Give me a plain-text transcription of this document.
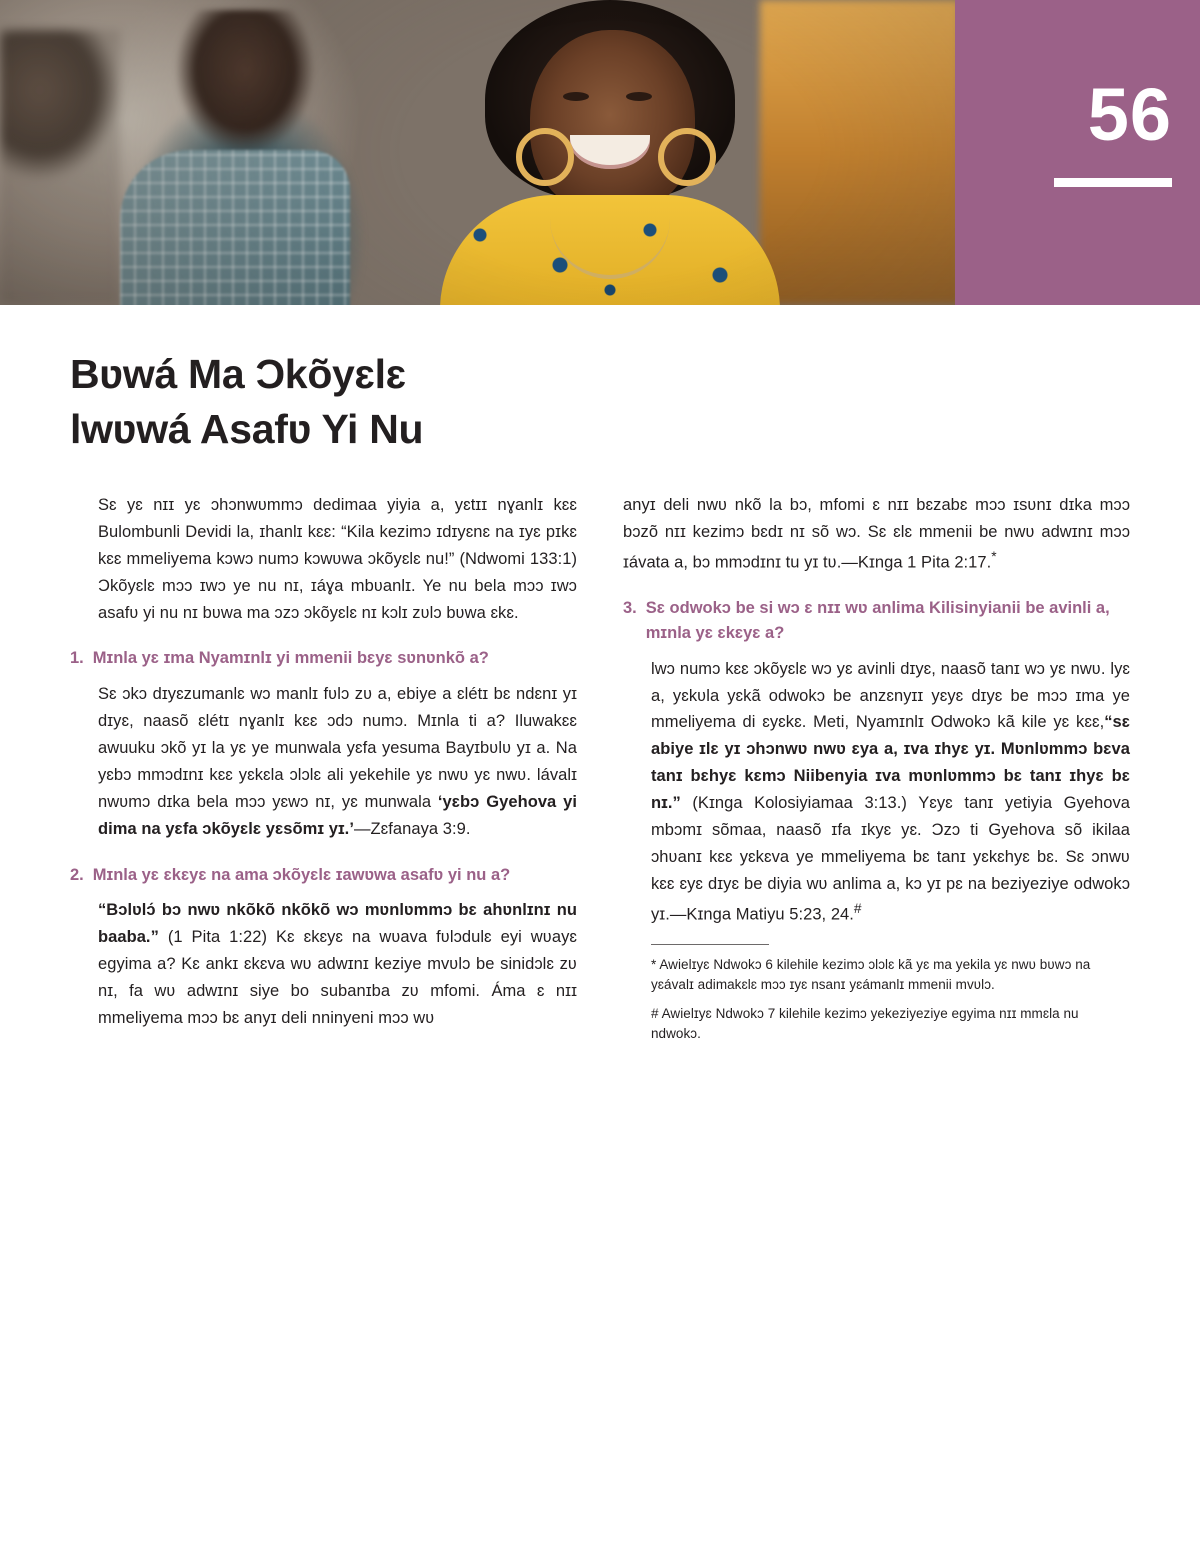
56
Bʋwá Ma Ɔkõyɛlɛ
lwʋwá Asafʋ Yi Nu

Sɛ yɛ nɪɪ yɛ ɔhɔnwʋmmɔ dedimaa yiyia a, yɛtɪɪ nɣanlɪ kɛɛ Bulombunli Devidi la, ɪhanlɪ kɛɛ: “Kila kezimɔ ɪdɪyɛnɛ na ɪyɛ pɪkɛ kɛɛ mmeliyema kɔwɔ numɔ kɔwʋwa ɔkõyɛlɛ nu!” (Ndwomi 133:1) Ɔkõyɛlɛ mɔɔ ɪwɔ ye nu nɪ, ɪáɣa mbʋanlɪ. Ye nu bela mɔɔ ɪwɔ asafʋ yi nu nɪ bʋwa ma ɔzɔ ɔkõyɛlɛ nɪ kɔlɪ zʋlɔ bʋwa ɛkɛ.

1. Mɪnla yɛ ɪma Nyamɪnlɪ yi mmenii bɛyɛ sʋnʋnkõ a?

Sɛ ɔkɔ dɪyɛzumanlɛ wɔ manlɪ fʋlɔ zʋ a, ebiye a ɛlétɪ bɛ ndɛnɪ yɪ dɪyɛ, naasõ ɛlétɪ nɣanlɪ kɛɛ ɔdɔ numɔ. Mɪnla ti a? Iluwakɛɛ awuuku ɔkõ yɪ la yɛ ye munwala yɛfa yesuma Bayɪbʋlʋ yɪ a. Na yɛbɔ mmɔdɪnɪ kɛɛ yɛkɛla ɔlɔlɛ ali yekehile yɛ nwʋ yɛ nwʋ. lávalɪ nwʋmɔ dɪka bela mɔɔ yɛwɔ nɪ, yɛ munwala ‘yɛbɔ Gyehova yi dima na yɛfa ɔkõyɛlɛ yɛsõmɪ yɪ.’—Zɛfanaya 3:9.

2. Mɪnla yɛ ɛkɛyɛ na ama ɔkõyɛlɛ ɪawʋwa asafʋ yi nu a?

“Bɔlʋlɔ́ bɔ nwʋ nkõkõ nkõkõ wɔ mʋnlʋmmɔ bɛ ahʋnlɪnɪ nu baaba.” (1 Pita 1:22) Kɛ ɛkɛyɛ na wʋava fʋlɔdulɛ eyi wʋayɛ egyima a? Kɛ ankɪ ɛkɛva wʋ adwɪnɪ keziye mvʋlɔ be sinidɔlɛ zʋ nɪ, fa wʋ adwɪnɪ siye bo subanɪba zʋ mfomi. Áma ɛ nɪɪ mmeliyema mɔɔ bɛ anyɪ deli nninyeni mɔɔ wʋ

anyɪ deli nwʋ nkõ la bɔ, mfomi ɛ nɪɪ bɛzabɛ mɔɔ ɪsʋnɪ dɪka mɔɔ bɔzõ nɪɪ kezimɔ bɛdɪ nɪ sõ wɔ. Sɛ ɛlɛ mmenii be nwʋ adwɪnɪ mɔɔ ɪávata a, bɔ mmɔdɪnɪ tu yɪ tʋ.—Kɪnga 1 Pita 2:17.*

3. Sɛ odwokɔ be si wɔ ɛ nɪɪ wʋ anlima Kilisinyianii be avinli a, mɪnla yɛ ɛkɛyɛ a?

lwɔ numɔ kɛɛ ɔkõyɛlɛ wɔ yɛ avinli dɪyɛ, naasõ tanɪ wɔ yɛ nwʋ. lyɛ a, yɛkʋla yɛkã odwokɔ be anzɛnyɪɪ yɛyɛ dɪyɛ be mɔɔ ɪma ye mmeliyema di ɛyɛkɛ. Meti, Nyamɪnlɪ Odwokɔ kã kile yɛ kɛɛ,“sɛ abiye ɪlɛ yɪ ɔhɔnwʋ nwʋ ɛya a, ɪva ɪhyɛ yɪ. Mʋnlʋmmɔ bɛva tanɪ bɛhyɛ kɛmɔ Niibenyia ɪva mʋnlʋmmɔ bɛ tanɪ ɪhyɛ bɛ nɪ.” (Kɪnga Kolosiyiamaa 3:13.) Yɛyɛ tanɪ yetiyia Gyehova mbɔmɪ sõmaa, naasõ ɪfa ɪkyɛ yɛ. Ɔzɔ ti Gyehova sõ ikilaa ɔhʋanɪ kɛɛ yɛkɛva ye mmeliyema bɛ tanɪ yɛkɛhyɛ bɛ. Sɛ ɔnwʋ kɛɛ ɛyɛ dɪyɛ be diyia wʋ anlima a, kɔ yɪ pɛ na beziyeziye odwokɔ yɪ.—Kɪnga Matiyu 5:23, 24.#

* Awielɪyɛ Ndwokɔ 6 kilehile kezimɔ ɔlɔlɛ kã yɛ ma yekila yɛ nwʋ bʋwɔ na yɛávalɪ adimakɛlɛ mɔɔ ɪyɛ nsanɪ yɛámanlɪ mmenii mvʋlɔ.

# Awielɪyɛ Ndwokɔ 7 kilehile kezimɔ yekeziyeziye egyima nɪɪ mmɛla nu ndwokɔ.
